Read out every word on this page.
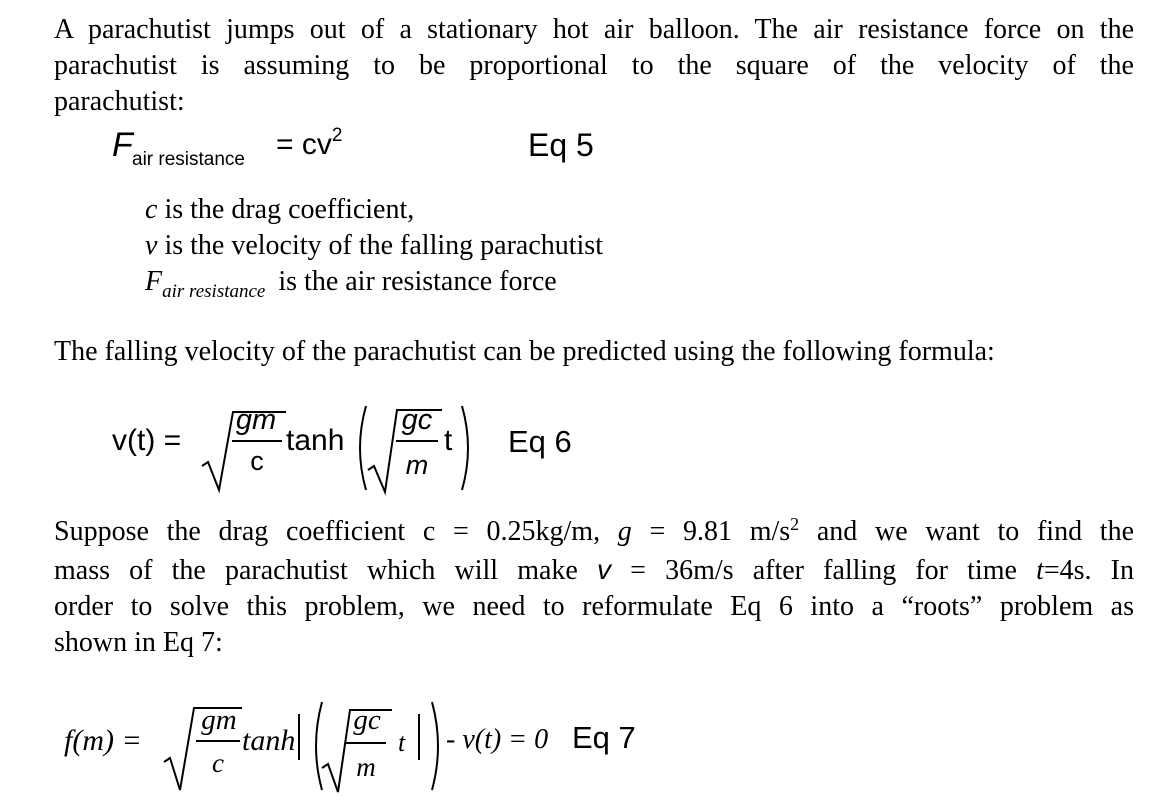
A parachutist jumps out of a stationary hot air balloon. The air resistance force on the
parachutist is assuming to be proportional to the square of the velocity of the
parachutist:
F air resistance = $cv^2$	Eq 5
c is the drag coefficient,
v is the velocity of the falling parachutist
$F_{air resistance}$ is the air resistance force
The falling velocity of the parachutist can be predicted using the following formula:
v(t) =
gm
c
tanh
gc
m
t Eq 6
Suppose the drag coefficient c = 0.25kg/m, g = 9.81 $m/s^2$ and we want to find the
mass of the parachutist which will make v = 36m/s after falling for time t=4s. In
order to solve this problem, we need to reformulate Eq 6 into a “roots” problem as
shown in Eq 7:
f(m) =
gm
c
tanh
gc
m
t - v(t) = 0 Eq 7
